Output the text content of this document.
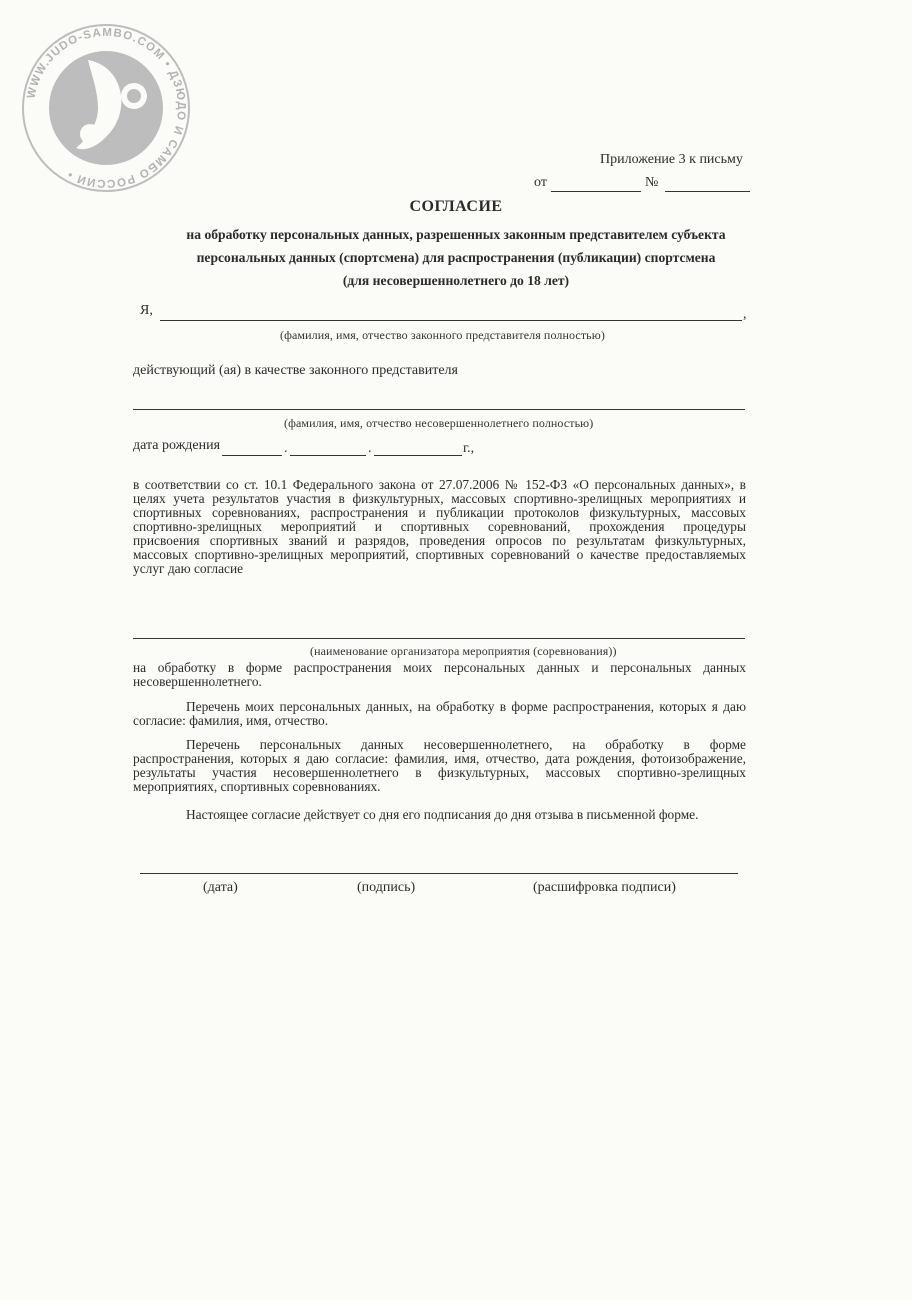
WWW.JUDO-SAMBO.COM • ДЗЮДО И САМБО РОССИИ •
Приложение 3 к письму
от	№
СОГЛАСИЕ
на обработку персональных данных, разрешенных законным представителем субъекта
персональных данных (спортсмена) для распространения (публикации) спортсмена
(для несовершеннолетнего до 18 лет)
Я,	,
(фамилия, имя, отчество законного представителя полностью)
действующий (ая) в качестве законного представителя
(фамилия, имя, отчество несовершеннолетнего полностью)
дата рождения	.	.	г.,
в соответствии со ст. 10.1 Федерального закона от 27.07.2006 № 152-ФЗ «О персональных данных», в
целях учета результатов участия в физкультурных, массовых спортивно-зрелищных мероприятиях и
спортивных соревнованиях, распространения и публикации протоколов физкультурных, массовых
спортивно-зрелищных мероприятий и спортивных соревнований, прохождения процедуры
присвоения спортивных званий и разрядов, проведения опросов по результатам физкультурных,
массовых спортивно-зрелищных мероприятий, спортивных соревнований о качестве предоставляемых
услуг даю согласие
(наименование организатора мероприятия (соревнования))
на обработку в форме распространения моих персональных данных и персональных данных
несовершеннолетнего.
Перечень моих персональных данных, на обработку в форме распространения, которых я даю
согласие: фамилия, имя, отчество.
Перечень персональных данных несовершеннолетнего, на обработку в форме
распространения, которых я даю согласие: фамилия, имя, отчество, дата рождения, фотоизображение,
результаты участия несовершеннолетнего в физкультурных, массовых спортивно-зрелищных
мероприятиях, спортивных соревнованиях.
Настоящее согласие действует со дня его подписания до дня отзыва в письменной форме.
(дата)	(подпись)	(расшифровка подписи)
